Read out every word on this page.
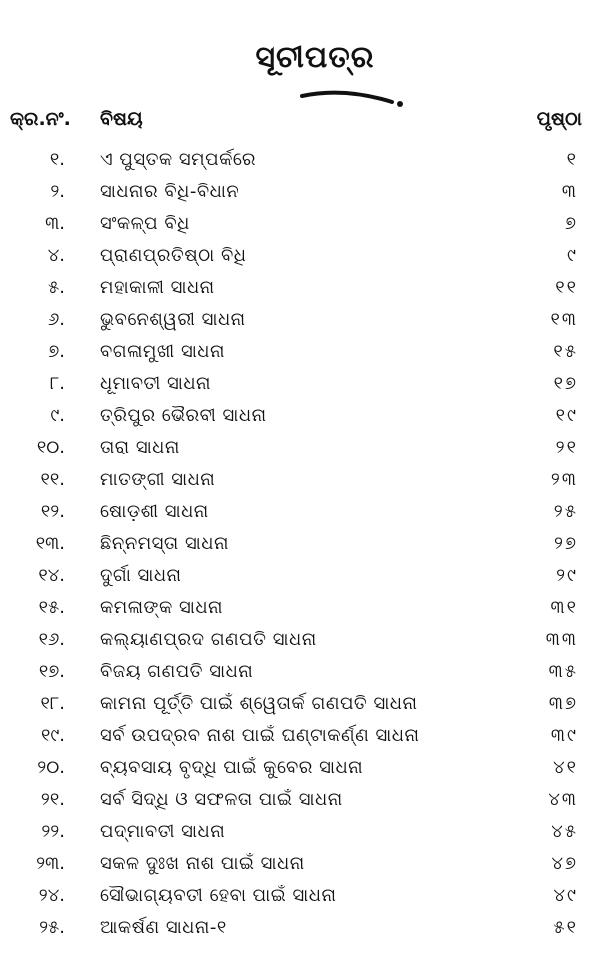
ସୂଚୀପତ୍ର
କ୍ର.ନଂ. ବିଷୟ	ପୃଷ୍ଠା
୧. ଏ ପୁସ୍ତକ ସମ୍ପର୍କରେ	୧
୨. ସାଧନାର ବିଧି-ବିଧାନ	୩
୩. ସଂକଳ୍ପ ବିଧି	୭
୪. ପ୍ରାଣପ୍ରତିଷ୍ଠା ବିଧି	୯
୫. ମହାକାଳୀ ସାଧନା	୧୧
୬. ଭୁବନେଶ୍ୱରୀ ସାଧନା	୧୩
୭. ବଗଳାମୁଖୀ ସାଧନା	୧୫
୮. ଧୂମାବତୀ ସାଧନା	୧୭
୯. ତ୍ରିପୁର ଭୈରବୀ ସାଧନା	୧୯
୧୦. ତାରା ସାଧନା	୨୧
୧୧. ମାତଙ୍ଗୀ ସାଧନା	୨୩
୧୨. ଷୋଡ଼ଶୀ ସାଧନା	୨୫
୧୩. ଛିନ୍ନମସ୍ତା ସାଧନା	୨୭
୧୪. ଦୁର୍ଗା ସାଧନା	୨୯
୧୫. କମଳାଙ୍କ ସାଧନା	୩୧
୧୬. କଲ୍ୟାଣପ୍ରଦ ଗଣପତି ସାଧନା	୩୩
୧୭. ବିଜୟ ଗଣପତି ସାଧନା	୩୫
୧୮. କାମନା ପୂର୍ତ୍ତି ପାଇଁ ଶ୍ୱେତାର୍କ ଗଣପତି ସାଧନା	୩୭
୧୯. ସର୍ବ ଉପଦ୍ରବ ନାଶ ପାଇଁ ଘଣ୍ଟାକର୍ଣ୍ଣ ସାଧନା	୩୯
୨୦. ବ୍ୟବସାୟ ବୃଦ୍ଧି ପାଇଁ କୁବେର ସାଧନା	୪୧
୨୧. ସର୍ବ ସିଦ୍ଧି ଓ ସଫଳତା ପାଇଁ ସାଧନା	୪୩
୨୨. ପଦ୍ମାବତୀ ସାଧନା	୪୫
୨୩. ସକଳ ଦୁଃଖ ନାଶ ପାଇଁ ସାଧନା	୪୭
୨୪. ସୌଭାଗ୍ୟବତୀ ହେବା ପାଇଁ ସାଧନା	୪୯
୨୫. ଆକର୍ଷଣ ସାଧନା-୧	୫୧
